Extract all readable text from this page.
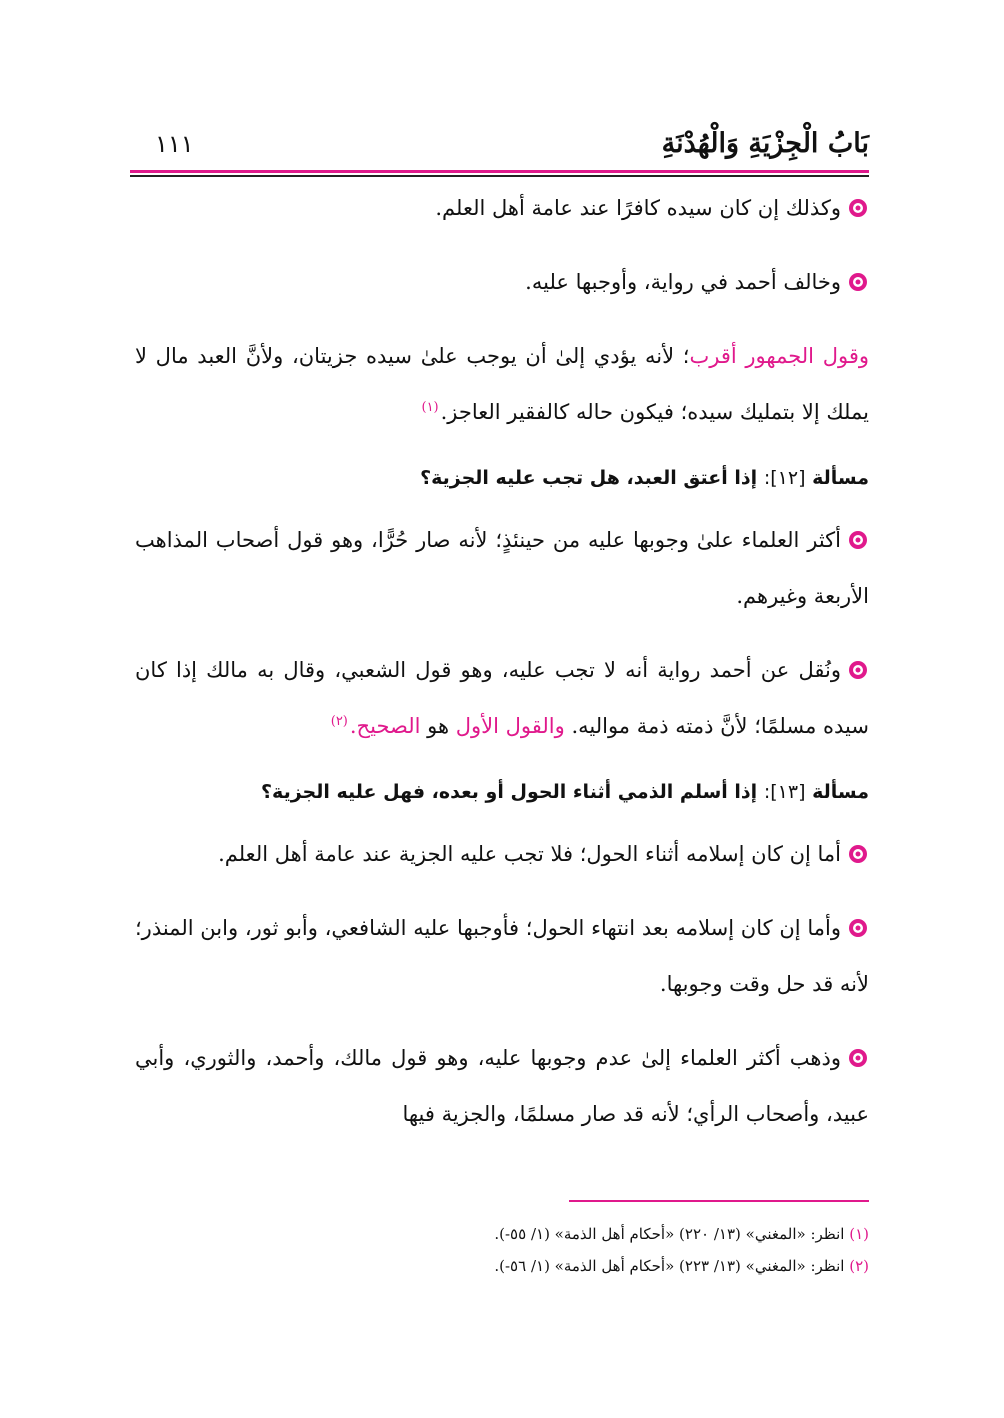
بَابُ الْجِزْيَةِ وَالْهُدْنَةِ
١١١

وكذلك إن كان سيده كافرًا عند عامة أهل العلم.

وخالف أحمد في رواية، وأوجبها عليه.

وقول الجمهور أقرب؛ لأنه يؤدي إلىٰ أن يوجب علىٰ سيده جزيتان، ولأنَّ العبد مال لا يملك إلا بتمليك سيده؛ فيكون حاله كالفقير العاجز.$^{(١)}$

مسألة [١٢]: إذا أعتق العبد، هل تجب عليه الجزية؟

أكثر العلماء علىٰ وجوبها عليه من حينئذٍ؛ لأنه صار حُرًّا، وهو قول أصحاب المذاهب الأربعة وغيرهم.

ونُقل عن أحمد رواية أنه لا تجب عليه، وهو قول الشعبي، وقال به مالك إذا كان سيده مسلمًا؛ لأنَّ ذمته ذمة مواليه. والقول الأول هو الصحيح.$^{(٢)}$

مسألة [١٣]: إذا أسلم الذمي أثناء الحول أو بعده، فهل عليه الجزية؟

أما إن كان إسلامه أثناء الحول؛ فلا تجب عليه الجزية عند عامة أهل العلم.

وأما إن كان إسلامه بعد انتهاء الحول؛ فأوجبها عليه الشافعي، وأبو ثور، وابن المنذر؛ لأنه قد حل وقت وجوبها.

وذهب أكثر العلماء إلىٰ عدم وجوبها عليه، وهو قول مالك، وأحمد، والثوري، وأبي عبيد، وأصحاب الرأي؛ لأنه قد صار مسلمًا، والجزية فيها

(١) انظر: «المغني» (١٣/ ٢٢٠) «أحكام أهل الذمة» (١/ ٥٥-).

(٢) انظر: «المغني» (١٣/ ٢٢٣) «أحكام أهل الذمة» (١/ ٥٦-).
